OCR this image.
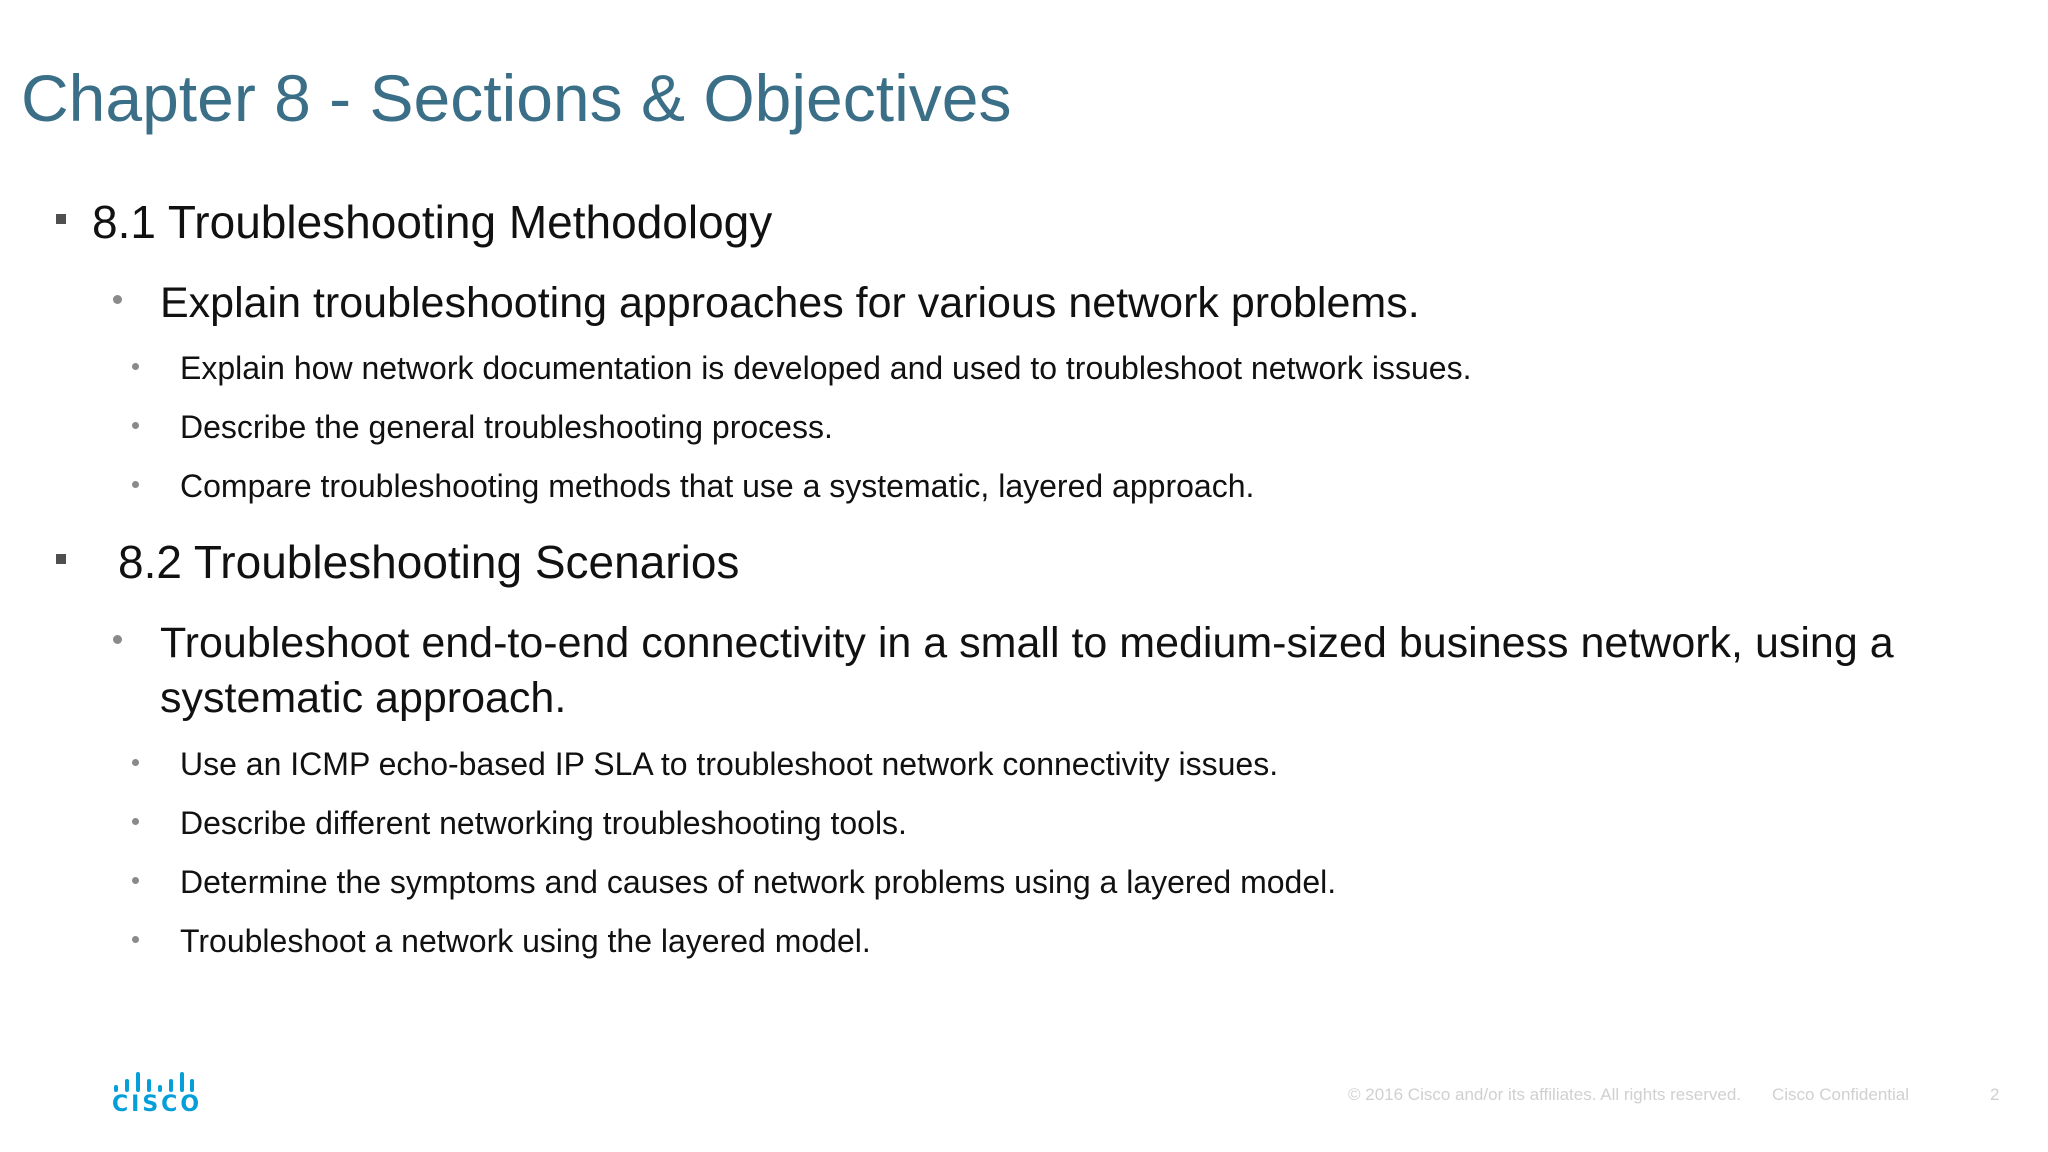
Chapter 8 - Sections & Objectives
8.1 Troubleshooting Methodology
Explain troubleshooting approaches for various network problems.
Explain how network documentation is developed and used to troubleshoot network issues.
Describe the general troubleshooting process.
Compare troubleshooting methods that use a systematic, layered approach.
8.2 Troubleshooting Scenarios
Troubleshoot end-to-end connectivity in a small to medium-sized business network, using a systematic approach.
Use an ICMP echo-based IP SLA to troubleshoot network connectivity issues.
Describe different networking troubleshooting tools.
Determine the symptoms and causes of network problems using a layered model.
Troubleshoot a network using the layered model.
CISCO	© 2016 Cisco and/or its affiliates. All rights reserved. Cisco Confidential	2
